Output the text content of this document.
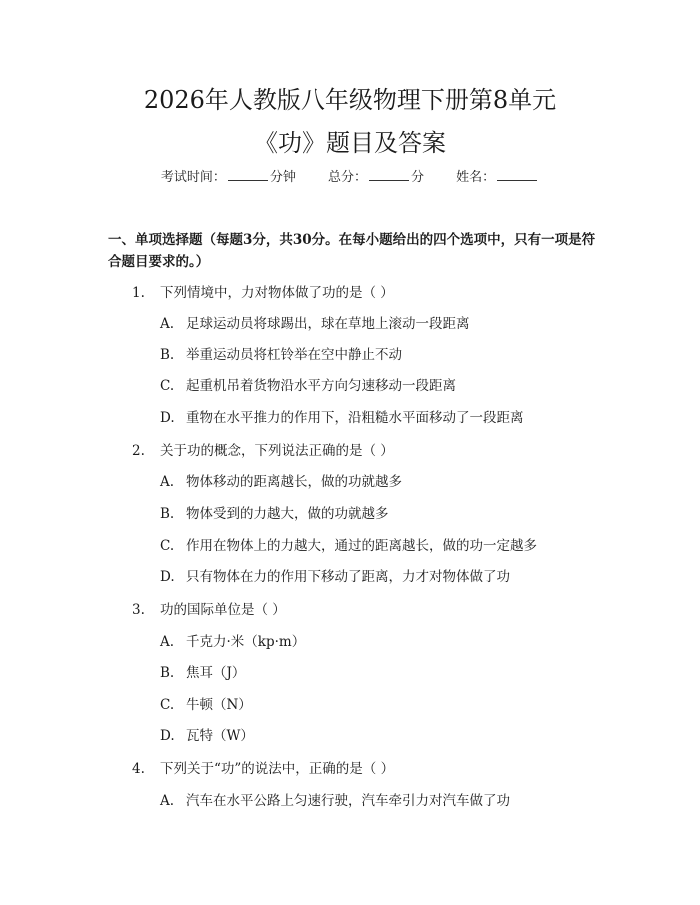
2026年人教版八年级物理下册第8单元
《功》题目及答案
考试时间：	分钟 总分：	分 姓名：

一、单项选择题（每题3分，共30分。在每小题给出的四个选项中，只有一项是符合题目要求的。）

1. 下列情境中，力对物体做了功的是（ ）
A. 足球运动员将球踢出，球在草地上滚动一段距离
B. 举重运动员将杠铃举在空中静止不动
C. 起重机吊着货物沿水平方向匀速移动一段距离
D. 重物在水平推力的作用下，沿粗糙水平面移动了一段距离
2. 关于功的概念，下列说法正确的是（ ）
A. 物体移动的距离越长，做的功就越多
B. 物体受到的力越大，做的功就越多
C. 作用在物体上的力越大，通过的距离越长，做的功一定越多
D. 只有物体在力的作用下移动了距离，力才对物体做了功
3. 功的国际单位是（ ）
A. 千克力·米（kp·m）
B. 焦耳（J）
C. 牛顿（N）
D. 瓦特（W）
4. 下列关于“功”的说法中，正确的是（ ）
A. 汽车在水平公路上匀速行驶，汽车牵引力对汽车做了功
